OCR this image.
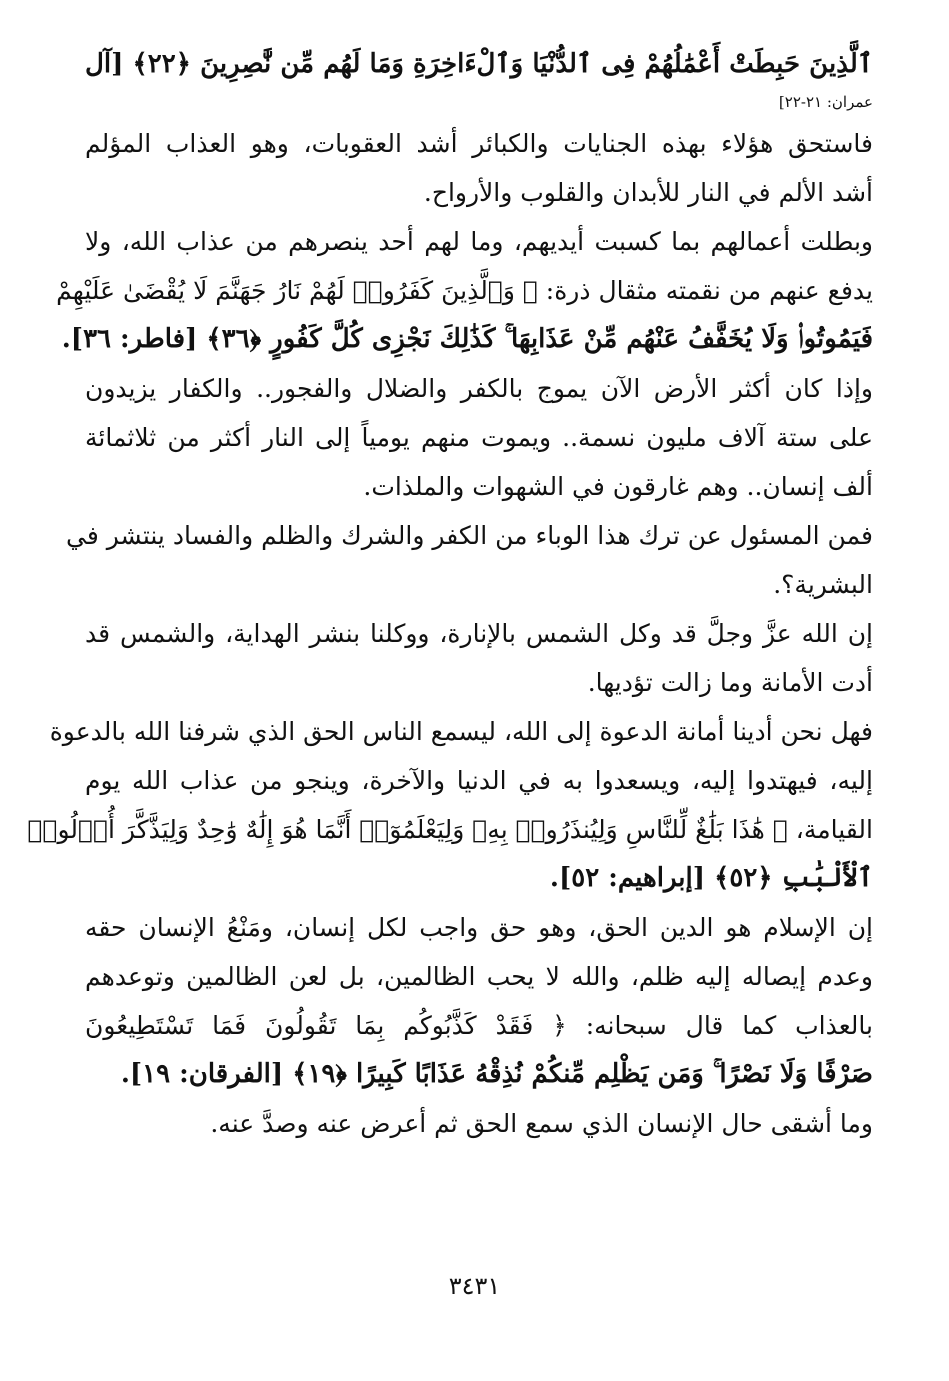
ٱلَّذِينَ حَبِطَتْ أَعْمَٰلُهُمْ فِى ٱلدُّنْيَا وَٱلْءَاخِرَةِ وَمَا لَهُم مِّن نَّٰصِرِينَ ﴿٢٢﴾ [آل
عمران: ٢١-٢٢]
فاستحق هؤلاء بهذه الجنايات والكبائر أشد العقوبات، وهو العذاب المؤلم
أشد الألم في النار للأبدان والقلوب والأرواح.
وبطلت أعمالهم بما كسبت أيديهم، وما لهم أحد ينصرهم من عذاب الله، ولا
يدفع عنهم من نقمته مثقال ذرة: ﴿ وَٱلَّذِينَ كَفَرُوا۟ لَهُمْ نَارُ جَهَنَّمَ لَا يُقْضَىٰ عَلَيْهِمْ
فَيَمُوتُوا۟ وَلَا يُخَفَّفُ عَنْهُم مِّنْ عَذَابِهَا ۚ كَذَٰلِكَ نَجْزِى كُلَّ كَفُورٍ ﴿٣٦﴾ [فاطر: ٣٦].
وإذا كان أكثر الأرض الآن يموج بالكفر والضلال والفجور.. والكفار يزيدون
على ستة آلاف مليون نسمة.. ويموت منهم يومياً إلى النار أكثر من ثلاثمائة
ألف إنسان.. وهم غارقون في الشهوات والملذات.
فمن المسئول عن ترك هذا الوباء من الكفر والشرك والظلم والفساد ينتشر في
البشرية؟.
إن الله عزَّ وجلَّ قد وكل الشمس بالإنارة، ووكلنا بنشر الهداية، والشمس قد
أدت الأمانة وما زالت تؤديها.
فهل نحن أدينا أمانة الدعوة إلى الله، ليسمع الناس الحق الذي شرفنا الله بالدعوة
إليه، فيهتدوا إليه، ويسعدوا به في الدنيا والآخرة، وينجو من عذاب الله يوم
القيامة، ﴿ هَٰذَا بَلَٰغٌ لِّلنَّاسِ وَلِيُنذَرُوا۟ بِهِۦ وَلِيَعْلَمُوٓا۟ أَنَّمَا هُوَ إِلَٰهٌ وَٰحِدٌ وَلِيَذَّكَّرَ أُو۟لُوا۟
ٱلْأَلْبَٰبِ ﴿٥٢﴾ [إبراهيم: ٥٢].
إن الإسلام هو الدين الحق، وهو حق واجب لكل إنسان، ومَنْعُ الإنسان حقه
وعدم إيصاله إليه ظلم، والله لا يحب الظالمين، بل لعن الظالمين وتوعدهم
بالعذاب كما قال سبحانه: ﴿ فَقَدْ كَذَّبُوكُم بِمَا تَقُولُونَ فَمَا تَسْتَطِيعُونَ
صَرْفًا وَلَا نَصْرًا ۚ وَمَن يَظْلِم مِّنكُمْ نُذِقْهُ عَذَابًا كَبِيرًا ﴿١٩﴾ [الفرقان: ١٩].
وما أشقى حال الإنسان الذي سمع الحق ثم أعرض عنه وصدَّ عنه.
٣٤٣١
